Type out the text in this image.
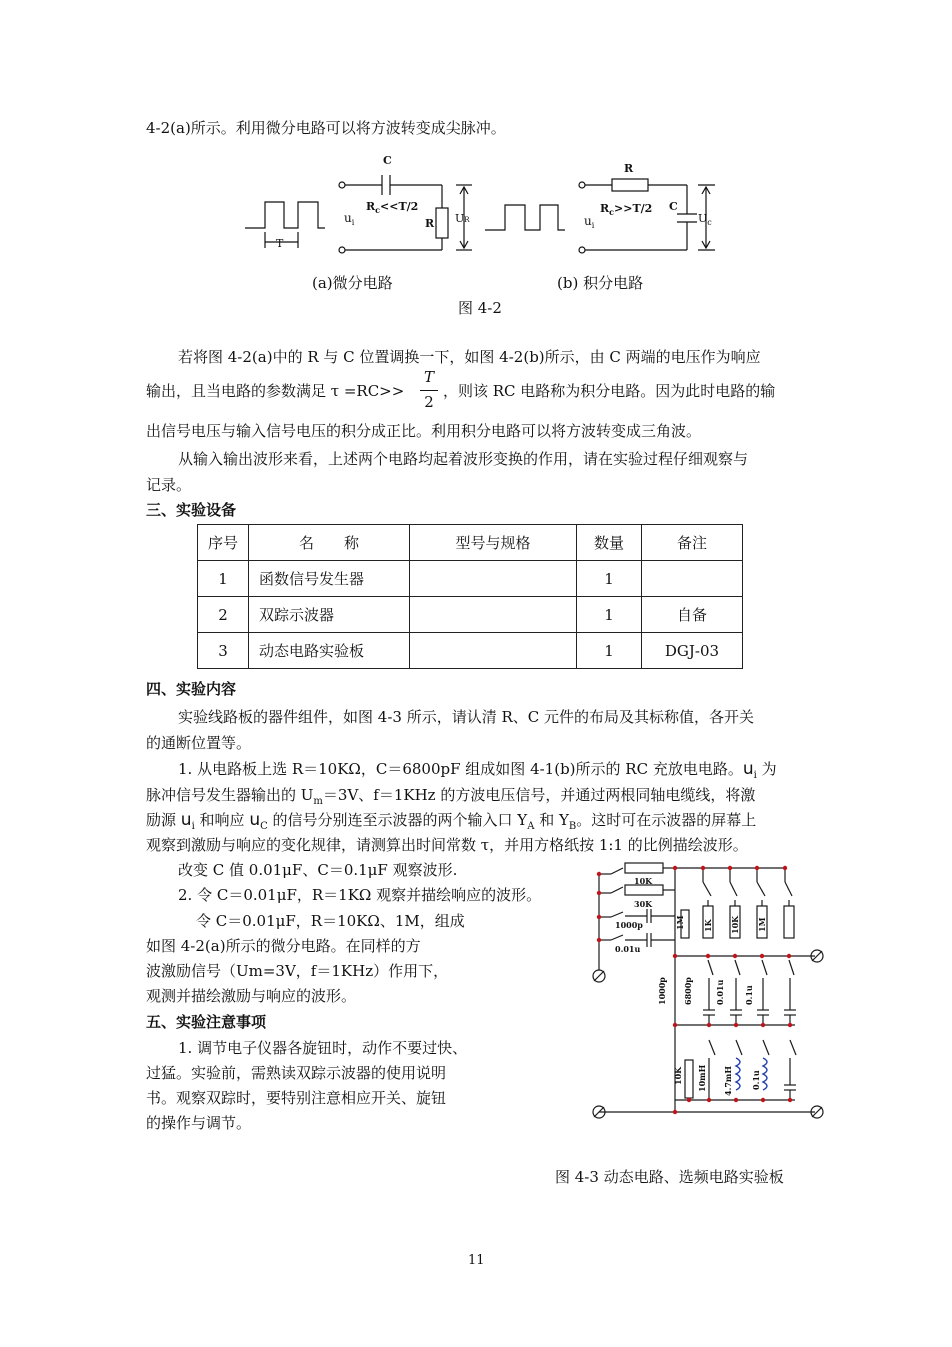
4-2(a)所示。利用微分电路可以将方波转变成尖脉冲。
C
$R_c<<T/2$
$u_i$	R UR
T
R
$R_c>>T/2$ C
$u_i$
$U_c$
(a)微分电路	(b) 积分电路
图 4-2
若将图 4-2(a)中的 R 与 C 位置调换一下，如图 4-2(b)所示，由 C 两端的电压作为响应
输出，且当电路的参数满足 τ =RC>>
T
2
，则该 RC 电路称为积分电路。因为此时电路的输
出信号电压与输入信号电压的积分成正比。利用积分电路可以将方波转变成三角波。
从输入输出波形来看，上述两个电路均起着波形变换的作用，请在实验过程仔细观察与
记录。
三、实验设备
序号	名　　称	型号与规格	数量	备注
1	函数信号发生器		1	
2	双踪示波器		1	自备
3	动态电路实验板		1	DGJ-03
四、实验内容
实验线路板的器件组件，如图 4-3 所示，请认清 R、C 元件的布局及其标称值，各开关
的通断位置等。
1. 从电路板上选 R＝10KΩ，C＝6800pF 组成如图 4-1(b)所示的 RC 充放电电路。$u_i$ 为
脉冲信号发生器输出的 $U_m=3V$、f＝1KHz 的方波电压信号，并通过两根同轴电缆线，将激
励源 $u_i$ 和响应 $u_C$ 的信号分别连至示波器的两个输入口 $Y_A$ 和 $Y_B$。这时可在示波器的屏幕上
观察到激励与响应的变化规律，请测算出时间常数 τ，并用方格纸按 1:1 的比例描绘波形。
改变 C 值 0.01μF、C＝0.1μF 观察波形.
2. 令 C＝0.01μF，R＝1KΩ 观察并描绘响应的波形。
令 C＝0.01μF，R＝10KΩ、1M，组成
如图 4-2(a)所示的微分电路。在同样的方
波激励信号（Um=3V，f＝1KHz）作用下，
观测并描绘激励与响应的波形。
五、实验注意事项
1. 调节电子仪器各旋钮时，动作不要过快、
过猛。实验前，需熟读双踪示波器的使用说明
书。观察双踪时，要特别注意相应开关、旋钮
的操作与调节。
10K
30K
1000p
0.01u
1M 1K 10K 1M
1000p 6800p	0.01u 0.1u
10K 10mH 4.7mH 0.1u
图 4-3 动态电路、选频电路实验板
11
